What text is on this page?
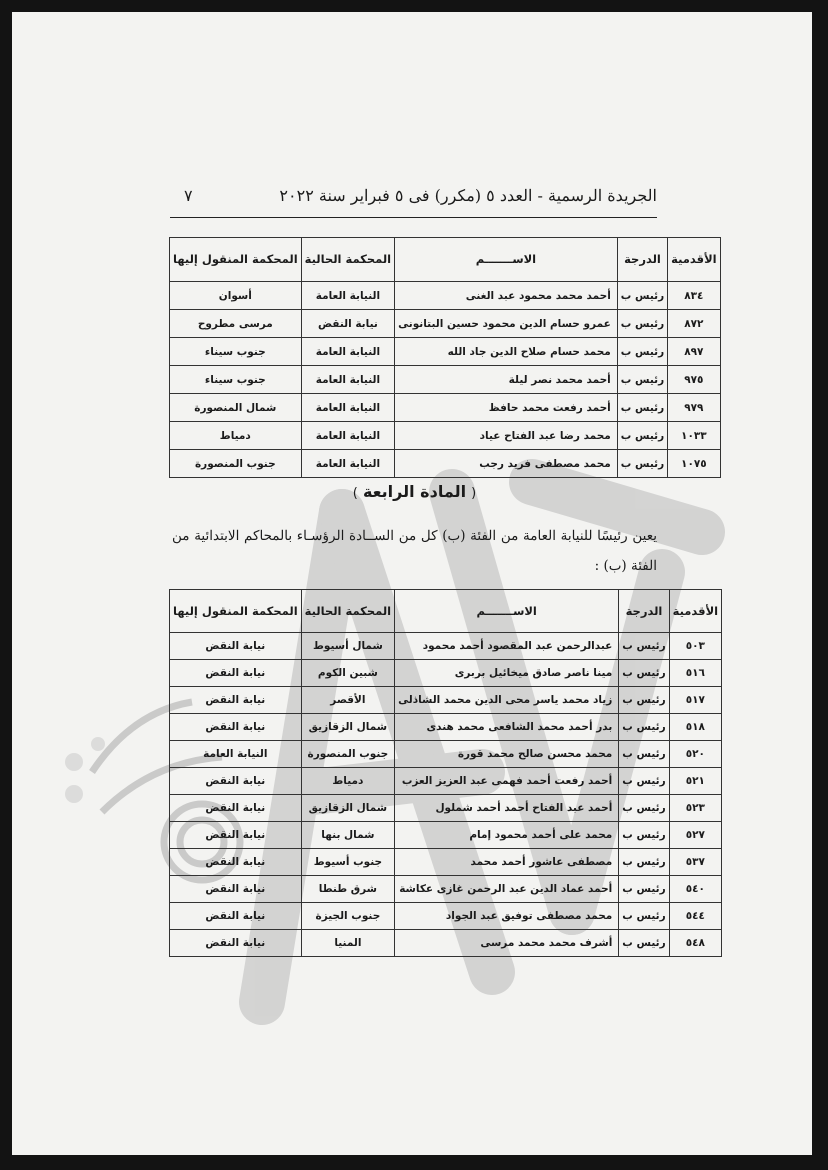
الجريدة الرسمية - العدد ٥ (مكرر) فى ٥ فبراير سنة ٢٠٢٢
٧
الأقدمية	الدرجة	الاســـــــم	المحكمة الحالية	المحكمة المنقول إليها
٨٣٤	رئيس ب	أحمد محمد محمود عبد الغنى	النيابة العامة	أسوان
٨٧٢	رئيس ب	عمرو حسام الدين محمود حسين البتانونى	نيابة النقض	مرسى مطروح
٨٩٧	رئيس ب	محمد حسام صلاح الدين جاد الله	النيابة العامة	جنوب سيناء
٩٧٥	رئيس ب	أحمد محمد نصر ليلة	النيابة العامة	جنوب سيناء
٩٧٩	رئيس ب	أحمد رفعت محمد حافظ	النيابة العامة	شمال المنصورة
١٠٣٣	رئيس ب	محمد رضا عبد الفتاح عياد	النيابة العامة	دمياط
١٠٧٥	رئيس ب	محمد مصطفى فريد رجب	النيابة العامة	جنوب المنصورة
( المادة الرابعة )
يعين رئيسًا للنيابة العامة من الفئة (ب) كل من الســادة الرؤسـاء بالمحاكم الابتدائية من الفئة (ب) :
الأقدمية	الدرجة	الاســـــــم	المحكمة الحالية	المحكمة المنقول إليها
٥٠٣	رئيس ب	عبدالرحمن عبد المقصود أحمد محمود	شمال أسيوط	نيابة النقض
٥١٦	رئيس ب	مينا ناصر صادق ميخائيل بربرى	شبين الكوم	نيابة النقض
٥١٧	رئيس ب	زياد محمد ياسر محى الدين محمد الشاذلى	الأقصر	نيابة النقض
٥١٨	رئيس ب	بدر أحمد محمد الشافعى محمد هندى	شمال الزقازيق	نيابة النقض
٥٢٠	رئيس ب	محمد محسن صالح محمد قورة	جنوب المنصورة	النيابة العامة
٥٢١	رئيس ب	أحمد رفعت أحمد فهمى عبد العزيز العزب	دمياط	نيابة النقض
٥٢٣	رئيس ب	أحمد عبد الفتاح أحمد أحمد شملول	شمال الزقازيق	نيابة النقض
٥٢٧	رئيس ب	محمد على أحمد محمود إمام	شمال بنها	نيابة النقض
٥٣٧	رئيس ب	مصطفى عاشور أحمد محمد	جنوب أسيوط	نيابة النقض
٥٤٠	رئيس ب	أحمد عماد الدين عبد الرحمن غازى عكاشة	شرق طنطا	نيابة النقض
٥٤٤	رئيس ب	محمد مصطفى توفيق عبد الجواد	جنوب الجيزة	نيابة النقض
٥٤٨	رئيس ب	أشرف محمد محمد مرسى	المنيا	نيابة النقض
